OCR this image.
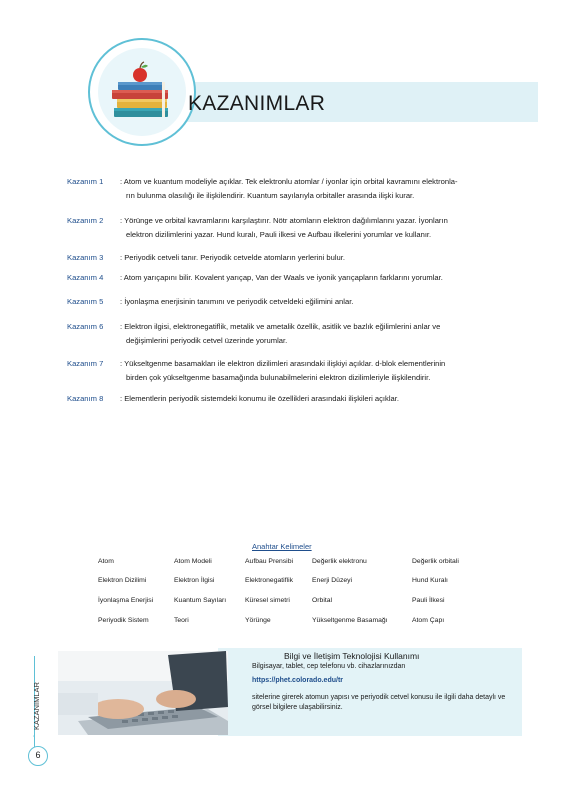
KAZANIMLAR
Kazanım 1 : Atom ve kuantum modeliyle açıklar. Tek elektronlu atomlar / iyonlar için orbital kavramını elektronla-
rın bulunma olasılığı ile ilişkilendirir. Kuantum sayılarıyla orbitaller arasında ilişki kurar.
Kazanım 2 : Yörünge ve orbital kavramlarını karşılaştırır. Nötr atomların elektron dağılımlarını yazar. İyonların
elektron dizilimlerini yazar. Hund kuralı, Pauli ilkesi ve Aufbau ilkelerini yorumlar ve kullanır.
Kazanım 3 : Periyodik cetveli tanır. Periyodik cetvelde atomların yerlerini bulur.
Kazanım 4 : Atom yarıçapını bilir. Kovalent yarıçap, Van der Waals ve iyonik yarıçapların farklarını yorumlar.
Kazanım 5 : İyonlaşma enerjisinin tanımını ve periyodik cetveldeki eğilimini anlar.
Kazanım 6 : Elektron ilgisi, elektronegatiflik, metalik ve ametalik özellik, asitlik ve bazlık eğilimlerini anlar ve
değişimlerini periyodik cetvel üzerinde yorumlar.
Kazanım 7 : Yükseltgenme basamakları ile elektron dizilimleri arasındaki ilişkiyi açıklar. d-blok elementlerinin
birden çok yükseltgenme basamağında bulunabilmelerini elektron dizilimleriyle ilişkilendirir.
Kazanım 8 : Elementlerin periyodik sistemdeki konumu ile özellikleri arasındaki ilişkileri açıklar.
Anahtar Kelimeler
Atom	Atom Modeli	Aufbau Prensibi	Değerlik elektronu	Değerlik orbitali
Elektron Dizilimi	Elektron İlgisi	Elektronegatiflik	Enerji Düzeyi	Hund Kuralı
İyonlaşma Enerjisi	Kuantum Sayıları	Küresel simetri	Orbital	Pauli İlkesi
Periyodik Sistem	Teori	Yörünge	Yükseltgenme Basamağı	Atom Çapı
Bilgi ve İletişim Teknolojisi Kullanımı
Bilgisayar, tablet, cep telefonu vb. cihazlarınızdan
https://phet.colorado.edu/tr
sitelerine girerek atomun yapısı ve periyodik cetvel konusu ile ilgili daha detaylı ve görsel bilgilere ulaşabilirsiniz.
KAZANIMLAR
‹
6
